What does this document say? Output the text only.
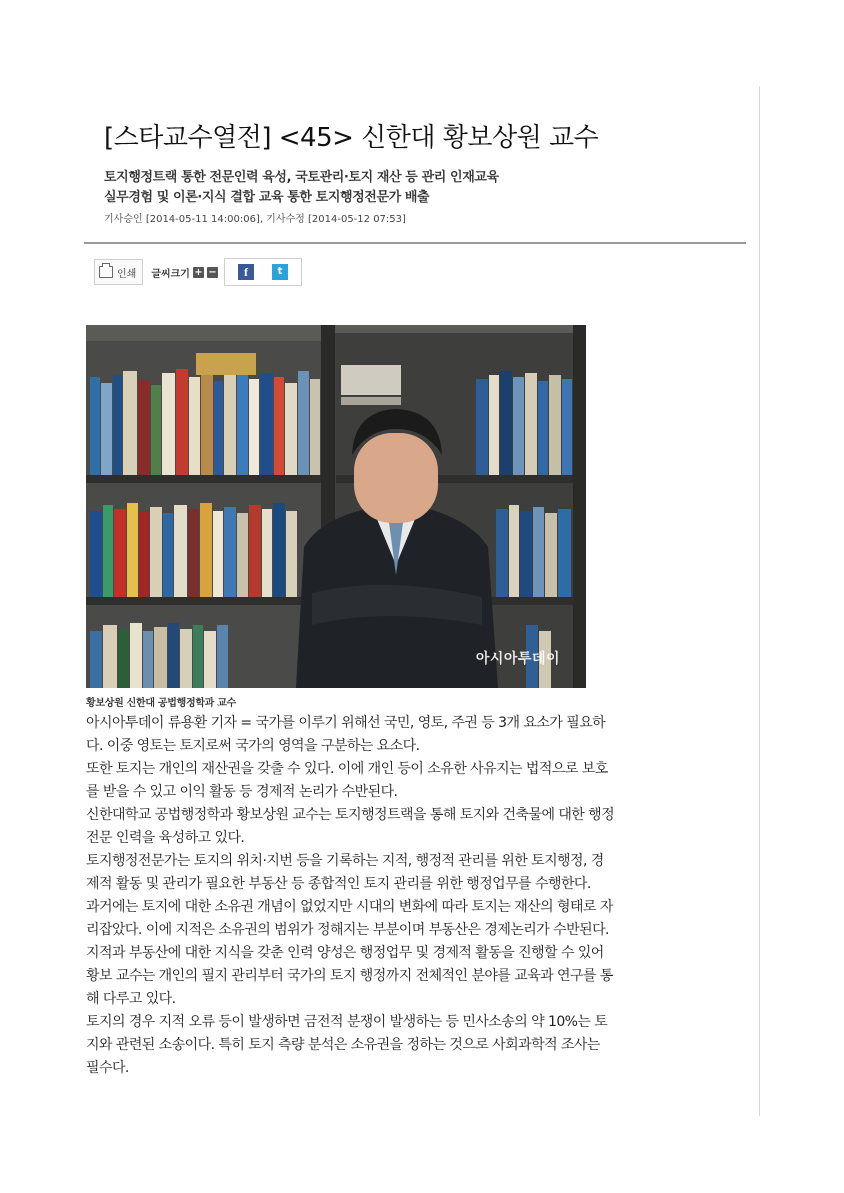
[스타교수열전] <45> 신한대 황보상원 교수
토지행정트랙 통한 전문인력 육성, 국토관리·토지 재산 등 관리 인재교육
실무경험 및 이론·지식 결합 교육 통한 토지행정전문가 배출
기사승인 [2014-05-11 14:00:06], 기사수정 [2014-05-12 07:53]
인쇄 글씨크기 + −	f	t
아시아투데이
황보상원 신한대 공법행정학과 교수

아시아투데이 류용환 기자 = 국가를 이루기 위해선 국민, 영토, 주권 등 3개 요소가 필요하

다. 이중 영토는 토지로써 국가의 영역을 구분하는 요소다.

또한 토지는 개인의 재산권을 갖출 수 있다. 이에 개인 등이 소유한 사유지는 법적으로 보호

를 받을 수 있고 이익 활동 등 경제적 논리가 수반된다.

신한대학교 공법행정학과 황보상원 교수는 토지행정트랙을 통해 토지와 건축물에 대한 행정

전문 인력을 육성하고 있다.

토지행정전문가는 토지의 위치·지번 등을 기록하는 지적, 행정적 관리를 위한 토지행정, 경

제적 활동 및 관리가 필요한 부동산 등 종합적인 토지 관리를 위한 행정업무를 수행한다.

과거에는 토지에 대한 소유권 개념이 없었지만 시대의 변화에 따라 토지는 재산의 형태로 자

리잡았다. 이에 지적은 소유권의 범위가 정해지는 부분이며 부동산은 경제논리가 수반된다.

지적과 부동산에 대한 지식을 갖춘 인력 양성은 행정업무 및 경제적 활동을 진행할 수 있어

황보 교수는 개인의 필지 관리부터 국가의 토지 행정까지 전체적인 분야를 교육과 연구를 통

해 다루고 있다.

토지의 경우 지적 오류 등이 발생하면 금전적 분쟁이 발생하는 등 민사소송의 약 10%는 토

지와 관련된 소송이다. 특히 토지 측량 분석은 소유권을 정하는 것으로 사회과학적 조사는

필수다.
